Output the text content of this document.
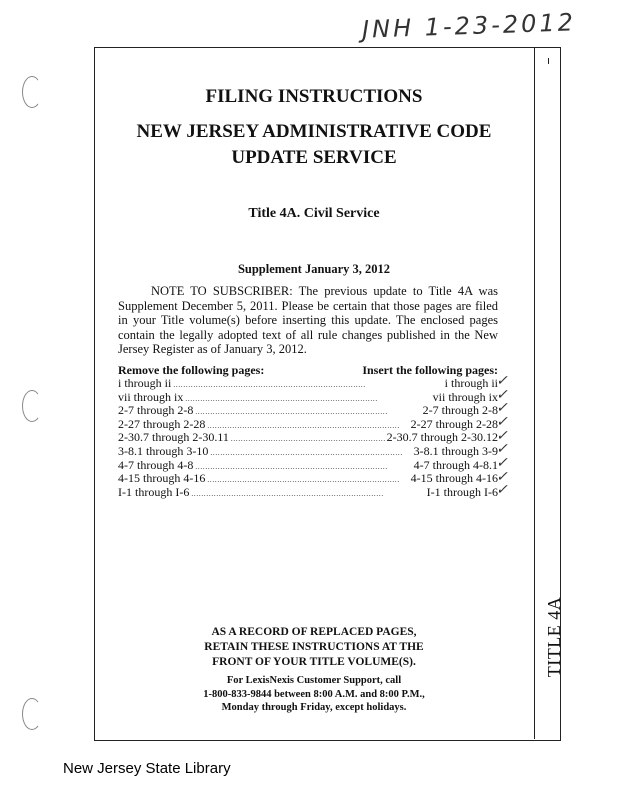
JNH 1-23-2012
TITLE 4A
FILING INSTRUCTIONS
NEW JERSEY ADMINISTRATIVE CODE
UPDATE SERVICE
Title 4A. Civil Service
Supplement January 3, 2012
NOTE TO SUBSCRIBER: The previous update to Title 4A was Supplement December 5, 2011. Please be certain that those pages are filed in your Title volume(s) before inserting this update. The enclosed pages contain the legally adopted text of all rule changes published in the New Jersey Register as of January 3, 2012.
Remove the following pages:	Insert the following pages:
i through ii . . .	i through ii
vii through ix . . .	vii through ix
2-7 through 2-8 . . .	2-7 through 2-8
2-27 through 2-28 . . .	2-27 through 2-28
2-30.7 through 2-30.11 . . .	2-30.7 through 2-30.12
3-8.1 through 3-10 . . .	3-8.1 through 3-9
4-7 through 4-8 . . .	4-7 through 4-8.1
4-15 through 4-16 . . .	4-15 through 4-16
I-1 through I-6 . . .	I-1 through I-6
✓
✓
✓
✓
✓
✓
✓
✓
✓
AS A RECORD OF REPLACED PAGES,
RETAIN THESE INSTRUCTIONS AT THE
FRONT OF YOUR TITLE VOLUME(S).
For LexisNexis Customer Support, call
1-800-833-9844 between 8:00 A.M. and 8:00 P.M.,
Monday through Friday, except holidays.
New Jersey State Library
